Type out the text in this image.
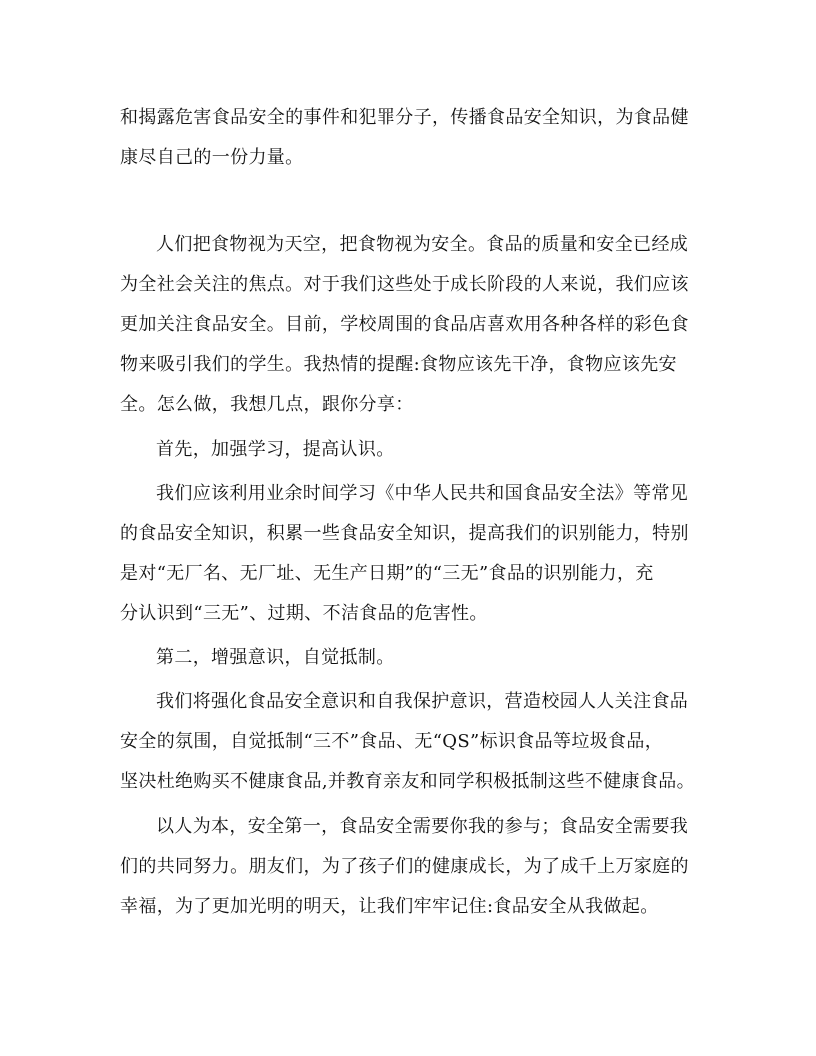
和揭露危害食品安全的事件和犯罪分子，传播食品安全知识，为食品健
康尽自己的一份力量。
人们把食物视为天空，把食物视为安全。食品的质量和安全已经成
为全社会关注的焦点。对于我们这些处于成长阶段的人来说，我们应该
更加关注食品安全。目前，学校周围的食品店喜欢用各种各样的彩色食
物来吸引我们的学生。我热情的提醒:食物应该先干净，食物应该先安
全。怎么做，我想几点，跟你分享：
首先，加强学习，提高认识。
我们应该利用业余时间学习《中华人民共和国食品安全法》等常见
的食品安全知识，积累一些食品安全知识，提高我们的识别能力，特别
是对“无厂名、无厂址、无生产日期”的“三无”食品的识别能力，充
分认识到“三无”、过期、不洁食品的危害性。
第二，增强意识，自觉抵制。
我们将强化食品安全意识和自我保护意识，营造校园人人关注食品
安全的氛围，自觉抵制“三不”食品、无“QS”标识食品等垃圾食品，
坚决杜绝购买不健康食品,并教育亲友和同学积极抵制这些不健康食品。
以人为本，安全第一，食品安全需要你我的参与；食品安全需要我
们的共同努力。朋友们，为了孩子们的健康成长，为了成千上万家庭的
幸福，为了更加光明的明天，让我们牢牢记住:食品安全从我做起。
